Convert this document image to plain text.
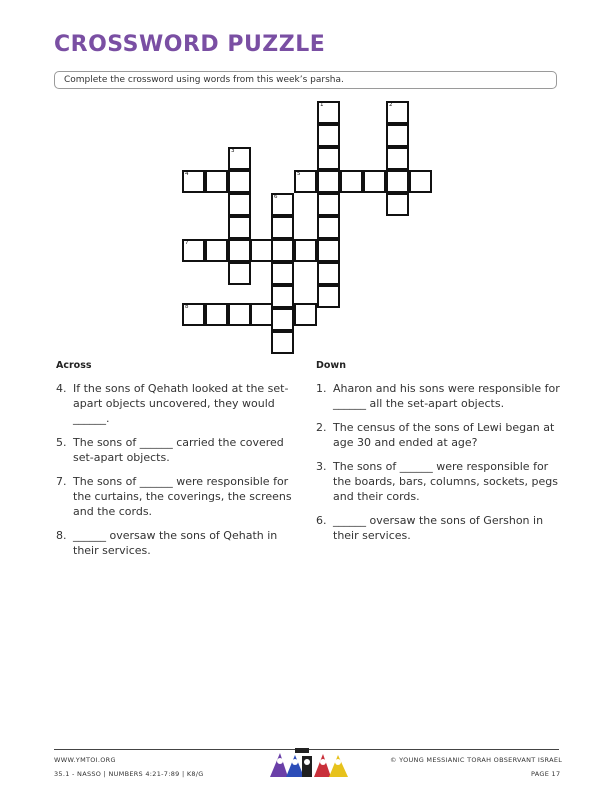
CROSSWORD PUZZLE
Complete the crossword using words from this week’s parsha.
1	2
3
4	5
6
7
8
Across
4. If the sons of Qehath looked at the set-apart objects uncovered, they would ______.
5. The sons of ______ carried the covered set-apart objects.
7. The sons of ______ were responsible for the curtains, the coverings, the screens and the cords.
8. ______ oversaw the sons of Qehath in their services.
Down
1. Aharon and his sons were responsible for ______ all the set-apart objects.
2. The census of the sons of Lewi began at age 30 and ended at age?
3. The sons of ______ were responsible for the boards, bars, columns, sockets, pegs and their cords.
6. ______ oversaw the sons of Gershon in their services.
WWW.YMTOI.ORG
35.1 - NASSO | NUMBERS 4:21-7:89 | K8/G
© YOUNG MESSIANIC TORAH OBSERVANT ISRAEL
PAGE 17
